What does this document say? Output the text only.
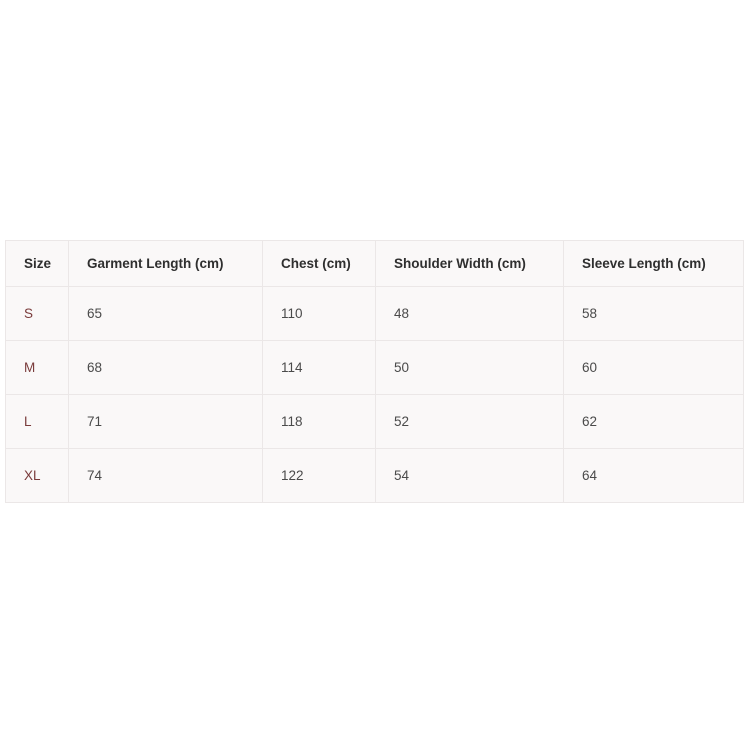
Size	Garment Length (cm)	Chest (cm)	Shoulder Width (cm)	Sleeve Length (cm)
S	65	110	48	58
M	68	114	50	60
L	71	118	52	62
XL	74	122	54	64
